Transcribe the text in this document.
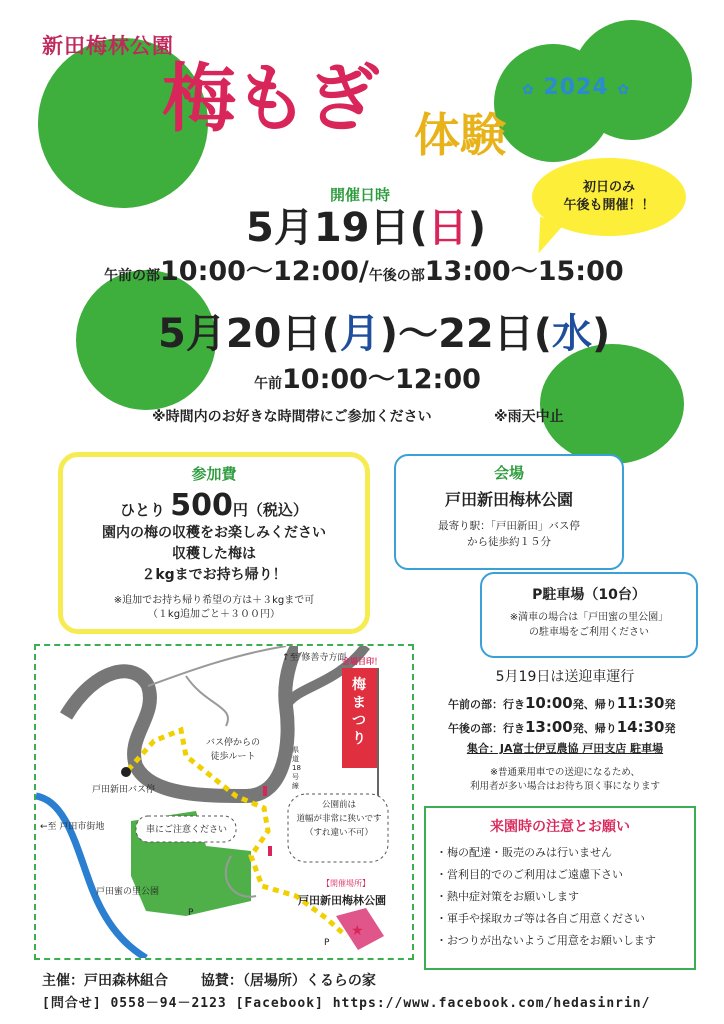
新田梅林公園
梅もぎ 体験
✿ 2024 ✿
初日のみ
午後も開催！！
開催日時
5月19日(日)
午前の部10:00～12:00/午後の部13:00～15:00
5月20日(月)～22日(水)
午前10:00～12:00
※時間内のお好きな時間帯にご参加ください	※雨天中止
参加費
ひとり 500円（税込）
園内の梅の収穫をお楽しみください
収穫した梅は
２kgまでお持ち帰り！
※追加でお持ち帰り希望の方は＋３kgまで可
（１kg追加ごと＋３００円）
会場
戸田新田梅林公園
最寄り駅：「戸田新田」バス停
から徒歩約１５分
P駐車場（10台）
※満車の場合は「戸田蜜の里公園」
の駐車場をご利用ください
★
↑至 修善寺方面
←至 戸田市街地
戸田新田バス停
バス停からの
徒歩ルート
車にご注意ください
公園前は
道幅が非常に狭いです
（すれ違い不可）
戸田蜜の里公園
【開催場所】
戸田新田梅林公園
会場目印！
梅まつり
県道18号線
P
P
5月19日は送迎車運行
午前の部：行き10:00発、帰り11:30発
午後の部：行き13:00発、帰り14:30発
集合：JA富士伊豆農協 戸田支店 駐車場
※普通乗用車での送迎になるため、
利用者が多い場合はお待ち頂く事になります
来園時の注意とお願い
・梅の配達・販売のみは行いません
・営利目的でのご利用はご遠慮下さい
・熱中症対策をお願いします
・軍手や採取カゴ等は各自ご用意ください
・おつりが出ないようご用意をお願いします
主催：戸田森林組合 協賛：（居場所）くるらの家
[問合せ] 0558－94－2123 [Facebook] https://www.facebook.com/hedasinrin/
